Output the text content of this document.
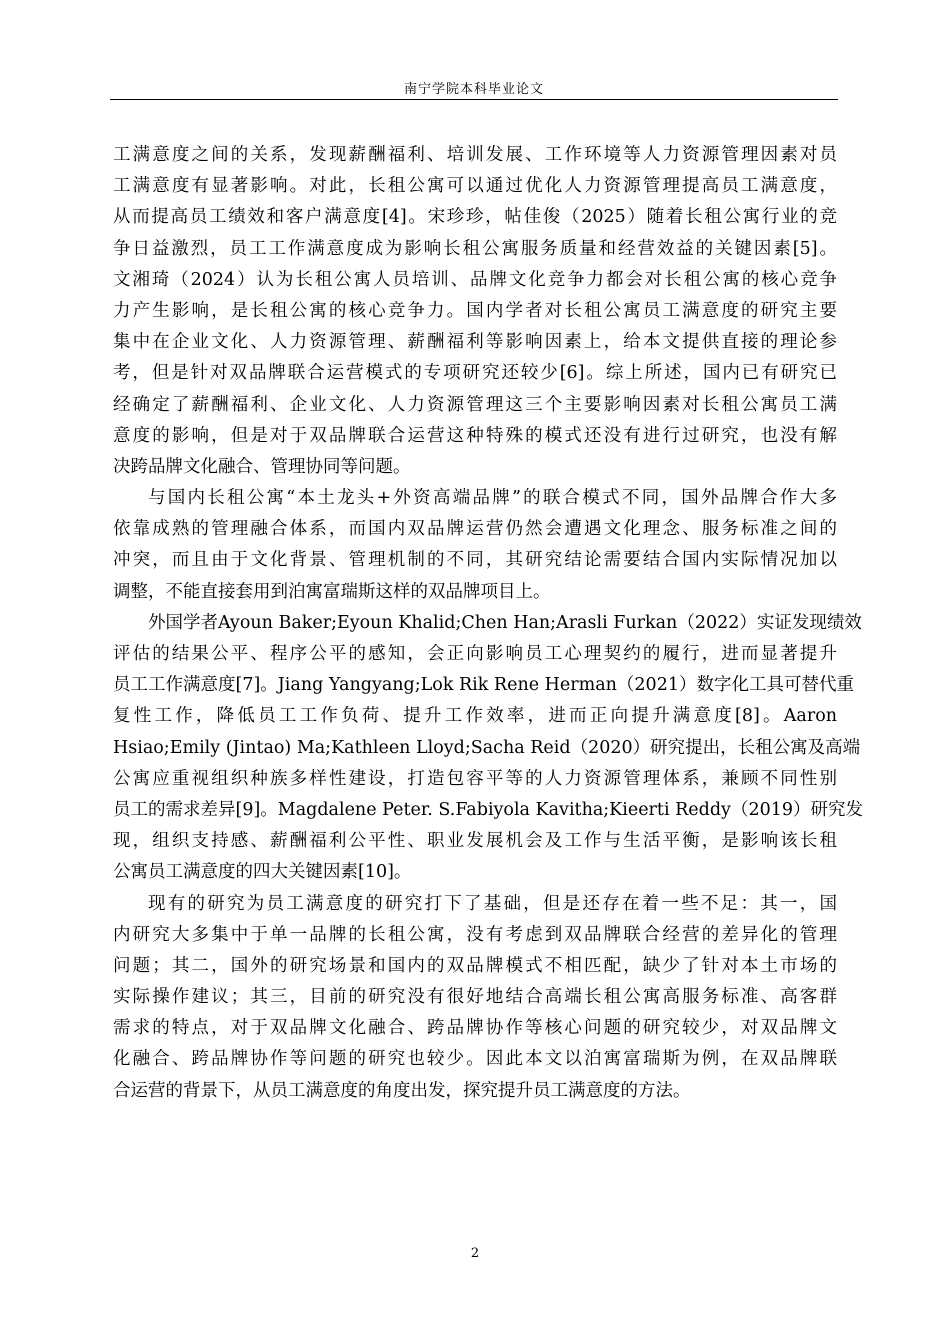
南宁学院本科毕业论文
工满意度之间的关系，发现薪酬福利、培训发展、工作环境等人力资源管理因素对员
工满意度有显著影响。对此，长租公寓可以通过优化人力资源管理提高员工满意度，
从而提高员工绩效和客户满意度[4]。宋珍珍，帖佳俊（2025）随着长租公寓行业的竞
争日益激烈，员工工作满意度成为影响长租公寓服务质量和经营效益的关键因素[5]。
文湘琦（2024）认为长租公寓人员培训、品牌文化竞争力都会对长租公寓的核心竞争
力产生影响，是长租公寓的核心竞争力。国内学者对长租公寓员工满意度的研究主要
集中在企业文化、人力资源管理、薪酬福利等影响因素上，给本文提供直接的理论参
考，但是针对双品牌联合运营模式的专项研究还较少[6]。综上所述，国内已有研究已
经确定了薪酬福利、企业文化、人力资源管理这三个主要影响因素对长租公寓员工满
意度的影响，但是对于双品牌联合运营这种特殊的模式还没有进行过研究，也没有解
决跨品牌文化融合、管理协同等问题。
与国内长租公寓“本土龙头+外资高端品牌”的联合模式不同，国外品牌合作大多
依靠成熟的管理融合体系，而国内双品牌运营仍然会遭遇文化理念、服务标准之间的
冲突，而且由于文化背景、管理机制的不同，其研究结论需要结合国内实际情况加以
调整，不能直接套用到泊寓富瑞斯这样的双品牌项目上。
外国学者Ayoun Baker;Eyoun Khalid;Chen Han;Arasli Furkan（2022）实证发现绩效
评估的结果公平、程序公平的感知，会正向影响员工心理契约的履行，进而显著提升
员工工作满意度[7]。Jiang Yangyang;Lok Rik Rene Herman（2021）数字化工具可替代重
复性工作，降低员工工作负荷、提升工作效率，进而正向提升满意度[8]。Aaron
Hsiao;Emily (Jintao) Ma;Kathleen Lloyd;Sacha Reid（2020）研究提出，长租公寓及高端
公寓应重视组织种族多样性建设，打造包容平等的人力资源管理体系，兼顾不同性别
员工的需求差异[9]。Magdalene Peter. S.Fabiyola Kavitha;Kieerti Reddy（2019）研究发
现，组织支持感、薪酬福利公平性、职业发展机会及工作与生活平衡，是影响该长租
公寓员工满意度的四大关键因素[10]。
现有的研究为员工满意度的研究打下了基础，但是还存在着一些不足：其一，国
内研究大多集中于单一品牌的长租公寓，没有考虑到双品牌联合经营的差异化的管理
问题；其二，国外的研究场景和国内的双品牌模式不相匹配，缺少了针对本土市场的
实际操作建议；其三，目前的研究没有很好地结合高端长租公寓高服务标准、高客群
需求的特点，对于双品牌文化融合、跨品牌协作等核心问题的研究较少，对双品牌文
化融合、跨品牌协作等问题的研究也较少。因此本文以泊寓富瑞斯为例，在双品牌联
合运营的背景下，从员工满意度的角度出发，探究提升员工满意度的方法。
2
